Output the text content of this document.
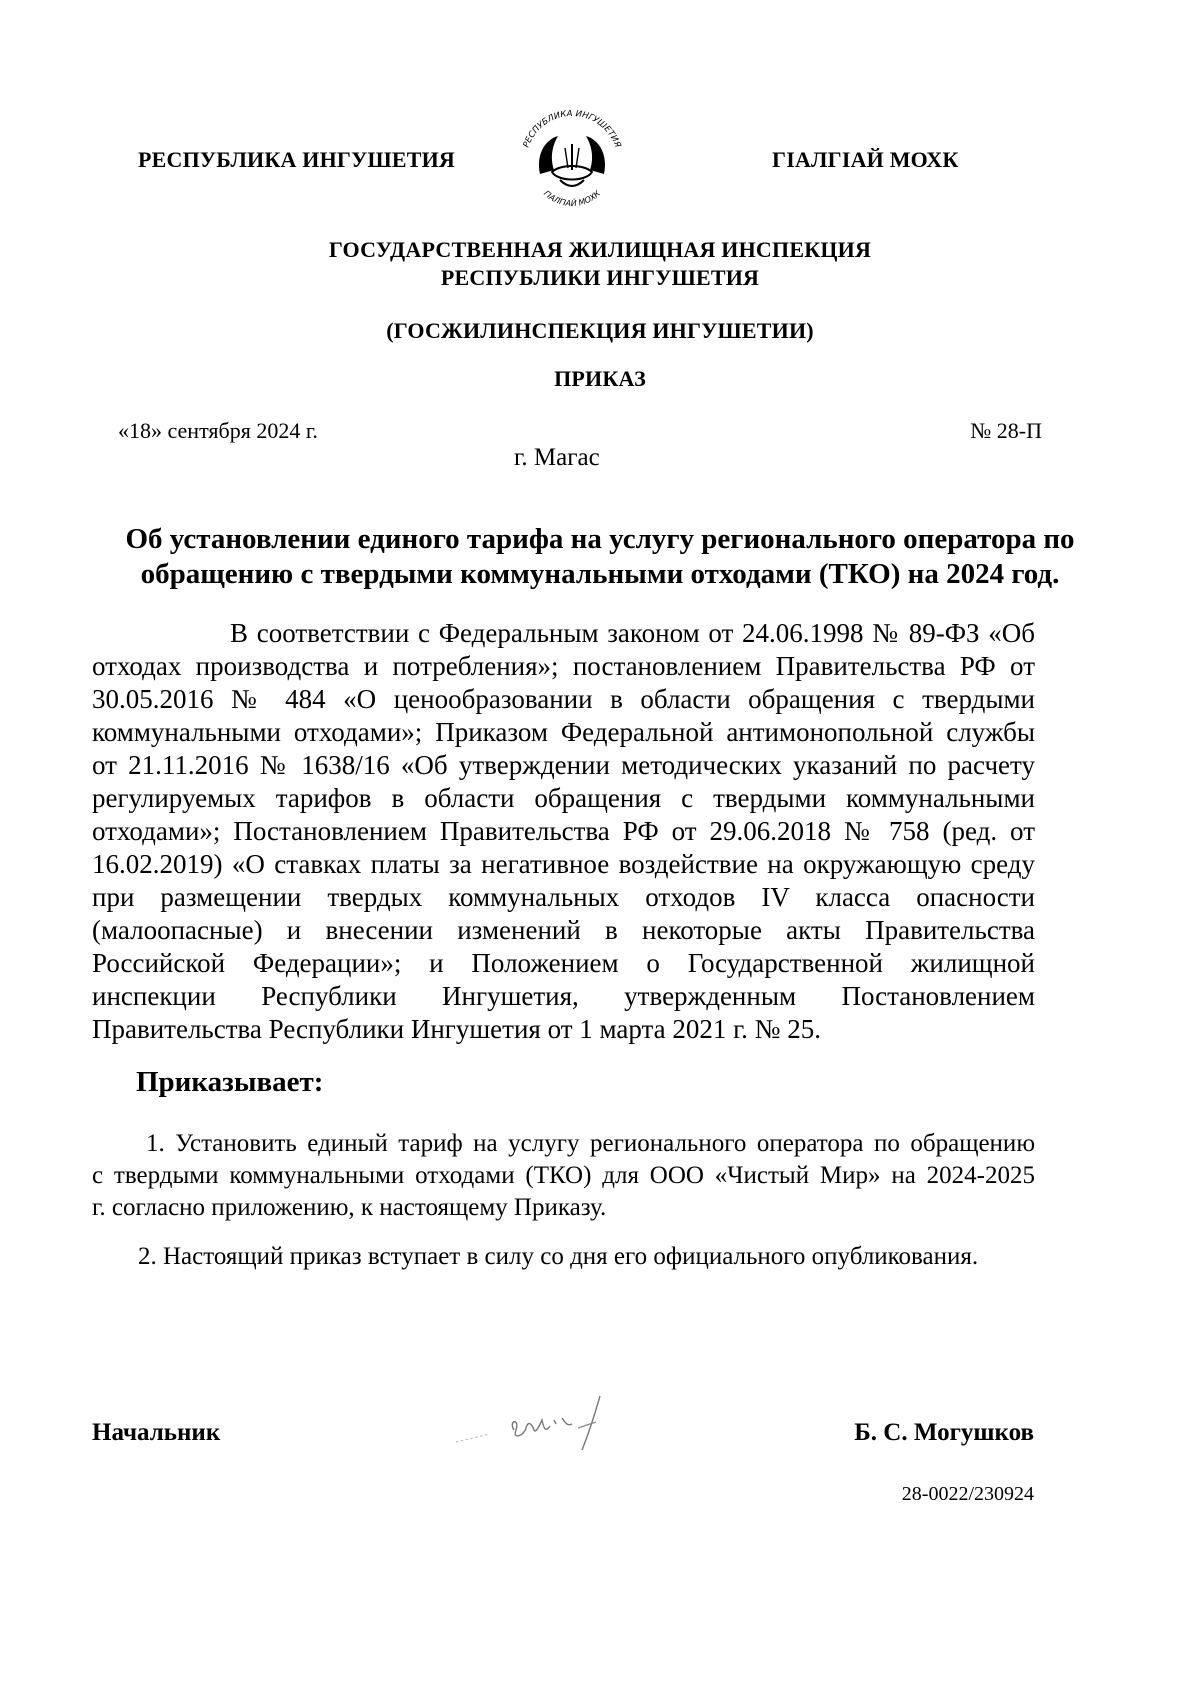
РЕСПУБЛИКА ИНГУШЕТИЯ	ГIАЛГIАЙ МОХК
РЕСПУБЛИКА ИНГУШЕТИЯ
ГIАЛГIАЙ МОХК
ГОСУДАРСТВЕННАЯ ЖИЛИЩНАЯ ИНСПЕКЦИЯ
РЕСПУБЛИКИ ИНГУШЕТИЯ
(ГОСЖИЛИНСПЕКЦИЯ ИНГУШЕТИИ)
ПРИКАЗ
«18» сентября 2024 г.	№ 28-П
г. Магас
Об установлении единого тарифа на услугу регионального оператора по
обращению с твердыми коммунальными отходами (ТКО) на 2024 год.
В соответствии с Федеральным законом от 24.06.1998 № 89-ФЗ «Об
отходах производства и потребления»; постановлением Правительства РФ от 30.05.2016 № 484 «О ценообразовании в области обращения с твердыми коммунальными отходами»; Приказом Федеральной антимонопольной службы от 21.11.2016 № 1638/16 «Об утверждении методических указаний по расчету регулируемых тарифов в области обращения с твердыми коммунальными отходами»; Постановлением Правительства РФ от 29.06.2018 № 758 (ред. от 16.02.2019) «О ставках платы за негативное воздействие на окружающую среду при размещении твердых коммунальных отходов IV класса опасности (малоопасные) и внесении изменений в некоторые акты Правительства Российской Федерации»; и Положением о Государственной жилищной инспекции Республики Ингушетия, утвержденным Постановлением Правительства Республики Ингушетия от 1 марта 2021 г. № 25.
Приказывает:
1. Установить единый тариф на услугу регионального оператора по обращению
с твердыми коммунальными отходами (ТКО) для ООО «Чистый Мир» на 2024-2025
г. согласно приложению, к настоящему Приказу.
2. Настоящий приказ вступает в силу со дня его официального опубликования.
Начальник	Б. С. Могушков
28-0022/230924
